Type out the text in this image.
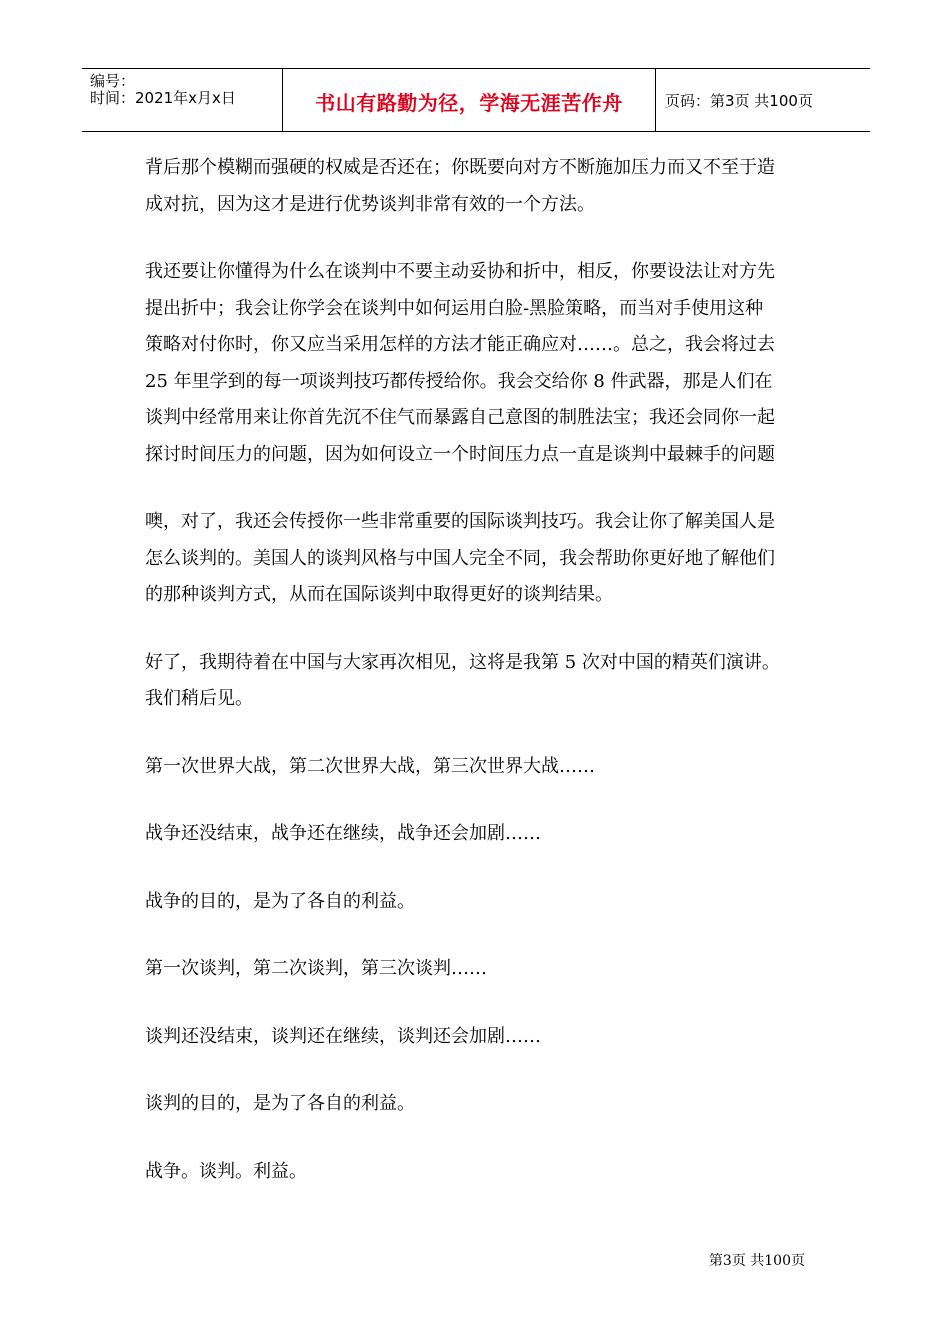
编号：
时间：2021年x月x日	书山有路勤为径，学海无涯苦作舟	页码：第3页 共100页

背后那个模糊而强硬的权威是否还在；你既要向对方不断施加压力而又不至于造
成对抗，因为这才是进行优势谈判非常有效的一个方法。

我还要让你懂得为什么在谈判中不要主动妥协和折中，相反，你要设法让对方先
提出折中；我会让你学会在谈判中如何运用白脸-黑脸策略，而当对手使用这种
策略对付你时，你又应当采用怎样的方法才能正确应对……。总之，我会将过去
25 年里学到的每一项谈判技巧都传授给你。我会交给你 8 件武器，那是人们在
谈判中经常用来让你首先沉不住气而暴露自己意图的制胜法宝；我还会同你一起
探讨时间压力的问题，因为如何设立一个时间压力点一直是谈判中最棘手的问题

噢，对了，我还会传授你一些非常重要的国际谈判技巧。我会让你了解美国人是
怎么谈判的。美国人的谈判风格与中国人完全不同，我会帮助你更好地了解他们
的那种谈判方式，从而在国际谈判中取得更好的谈判结果。

好了，我期待着在中国与大家再次相见，这将是我第 5 次对中国的精英们演讲。
我们稍后见。

第一次世界大战，第二次世界大战，第三次世界大战……

战争还没结束，战争还在继续，战争还会加剧……

战争的目的，是为了各自的利益。

第一次谈判，第二次谈判，第三次谈判……

谈判还没结束，谈判还在继续，谈判还会加剧……

谈判的目的，是为了各自的利益。

战争。谈判。利益。

第3页 共100页
